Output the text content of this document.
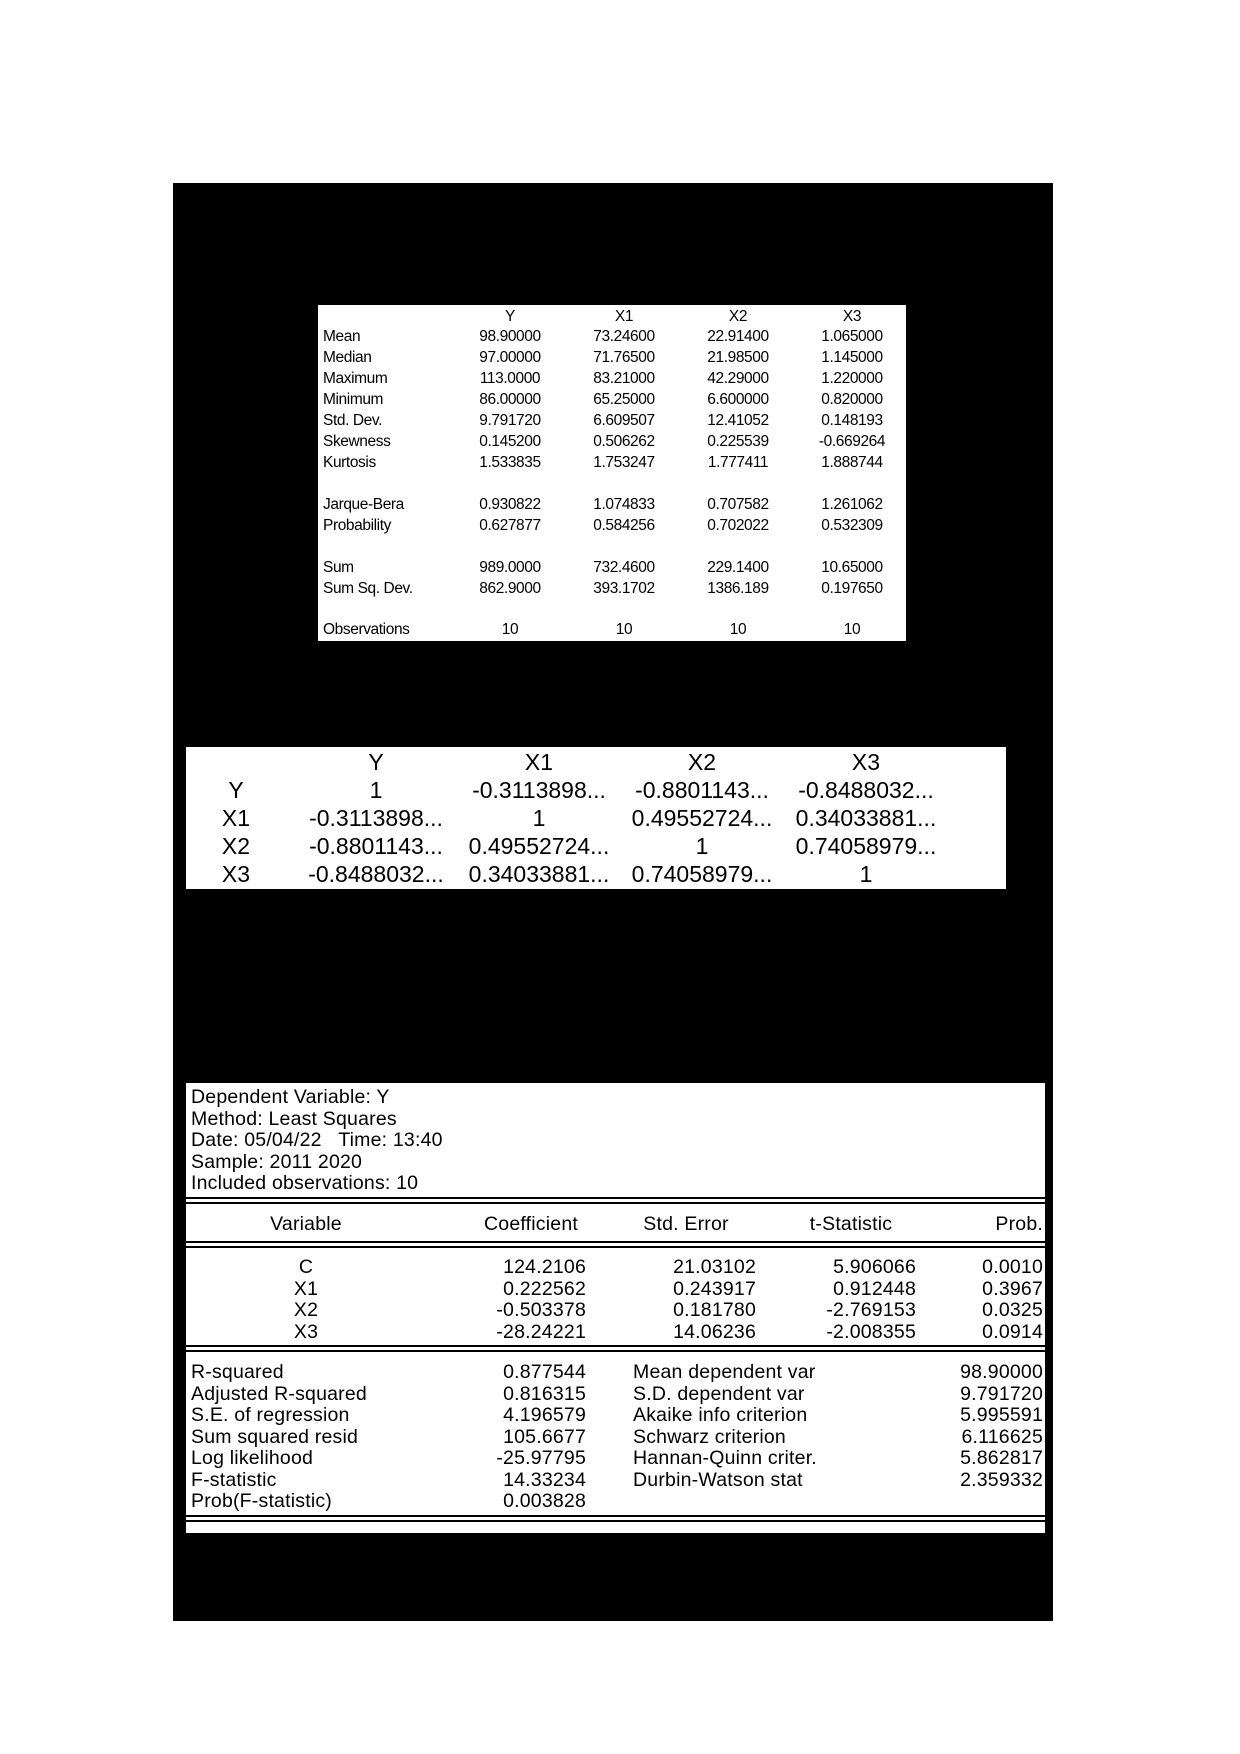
Y	X1	X2	X3
Mean	98.90000	73.24600	22.91400	1.065000
Median	97.00000	71.76500	21.98500	1.145000
Maximum	113.0000	83.21000	42.29000	1.220000
Minimum	86.00000	65.25000	6.600000	0.820000
Std. Dev.	9.791720	6.609507	12.41052	0.148193
Skewness	0.145200	0.506262	0.225539	-0.669264
Kurtosis	1.533835	1.753247	1.777411	1.888744
Jarque-Bera	0.930822	1.074833	0.707582	1.261062
Probability	0.627877	0.584256	0.702022	0.532309
Sum	989.0000	732.4600	229.1400	10.65000
Sum Sq. Dev.	862.9000	393.1702	1386.189	0.197650
Observations	10	10	10	10
Y	X1	X2	X3
Y	1	-0.3113898...	-0.8801143...	-0.8488032...
X1	-0.3113898...	1	0.49552724...	0.34033881...
X2	-0.8801143...	0.49552724...	1	0.74058979...
X3	-0.8488032...	0.34033881... 0.74058979...	1
Dependent Variable: Y
Method: Least Squares
Date: 05/04/22   Time: 13:40
Sample: 2011 2020
Included observations: 10
Variable	Coefficient	Std. Error	t-Statistic	Prob.
C	124.2106	21.03102	5.906066	0.0010
X1	0.222562	0.243917	0.912448	0.3967
X2	-0.503378	0.181780	-2.769153	0.0325
X3	-28.24221	14.06236	-2.008355	0.0914
R-squared	0.877544 Mean dependent var	98.90000
Adjusted R-squared	0.816315 S.D. dependent var	9.791720
S.E. of regression	4.196579 Akaike info criterion	5.995591
Sum squared resid	105.6677 Schwarz criterion	6.116625
Log likelihood	-25.97795 Hannan-Quinn criter.	5.862817
F-statistic	14.33234 Durbin-Watson stat	2.359332
Prob(F-statistic)	0.003828
